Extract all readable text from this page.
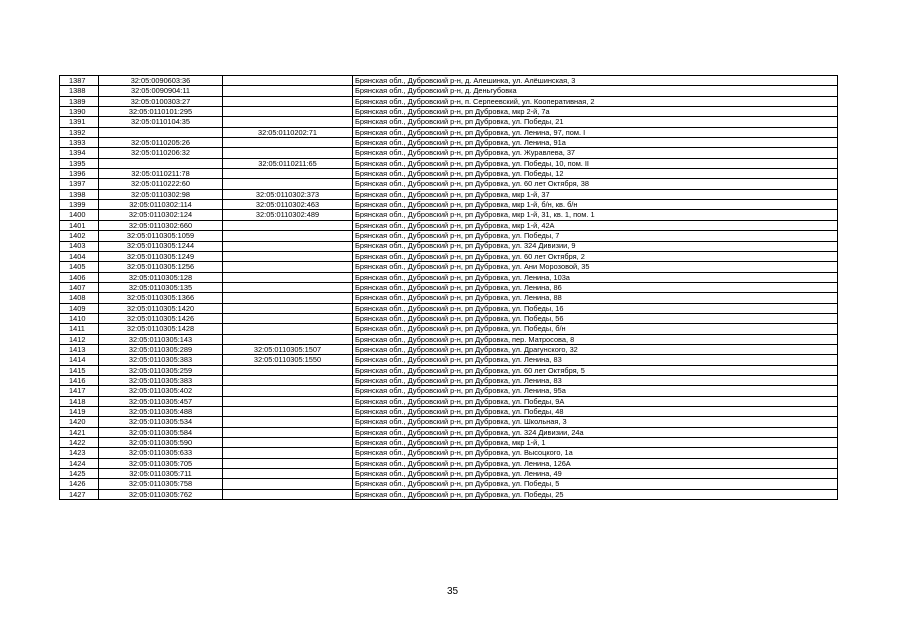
1387	32:05:0090603:36		Брянская обл., Дубровский р-н, д. Алешинка, ул. Алёшинская, 3
1388	32:05:0090904:11		Брянская обл., Дубровский р-н, д. Деньгубовка
1389	32:05:0100303:27		Брянская обл., Дубровский р-н, п. Серпеевский, ул. Кооперативная, 2
1390	32:05:0110101:295		Брянская обл., Дубровский р-н, рп Дубровка, мкр 2-й, 7а
1391	32:05:0110104:35		Брянская обл., Дубровский р-н, рп Дубровка, ул. Победы, 21
1392		32:05:0110202:71	Брянская обл., Дубровский р-н, рп Дубровка, ул. Ленина, 97, пом. I
1393	32:05:0110205:26		Брянская обл., Дубровский р-н, рп Дубровка, ул. Ленина, 91а
1394	32:05:0110206:32		Брянская обл., Дубровский р-н, рп Дубровка, ул. Журавлева, 37
1395		32:05:0110211:65	Брянская обл., Дубровский р-н, рп Дубровка, ул. Победы, 10, пом. II
1396	32:05:0110211:78		Брянская обл., Дубровский р-н, рп Дубровка, ул. Победы, 12
1397	32:05:0110222:60		Брянская обл., Дубровский р-н, рп Дубровка, ул. 60 лет Октября, 38
1398	32:05:0110302:98	32:05:0110302:373	Брянская обл., Дубровский р-н, рп Дубровка, мкр 1-й, 37
1399	32:05:0110302:114	32:05:0110302:463	Брянская обл., Дубровский р-н, рп Дубровка, мкр 1-й, б/н, кв. б/н
1400	32:05:0110302:124	32:05:0110302:489	Брянская обл., Дубровский р-н, рп Дубровка, мкр 1-й, 31, кв. 1, пом. 1
1401	32:05:0110302:660		Брянская обл., Дубровский р-н, рп Дубровка, мкр 1-й, 42А
1402	32:05:0110305:1059		Брянская обл., Дубровский р-н, рп Дубровка, ул. Победы, 7
1403	32:05:0110305:1244		Брянская обл., Дубровский р-н, рп Дубровка, ул. 324 Дивизии, 9
1404	32:05:0110305:1249		Брянская обл., Дубровский р-н, рп Дубровка, ул. 60 лет Октября, 2
1405	32:05:0110305:1256		Брянская обл., Дубровский р-н, рп Дубровка, ул. Ани Морозовой, 35
1406	32:05:0110305:128		Брянская обл., Дубровский р-н, рп Дубровка, ул. Ленина, 103а
1407	32:05:0110305:135		Брянская обл., Дубровский р-н, рп Дубровка, ул. Ленина, 86
1408	32:05:0110305:1366		Брянская обл., Дубровский р-н, рп Дубровка, ул. Ленина, 88
1409	32:05:0110305:1420		Брянская обл., Дубровский р-н, рп Дубровка, ул. Победы, 16
1410	32:05:0110305:1426		Брянская обл., Дубровский р-н, рп Дубровка, ул. Победы, 56
1411	32:05:0110305:1428		Брянская обл., Дубровский р-н, рп Дубровка, ул. Победы, б/н
1412	32:05:0110305:143		Брянская обл., Дубровский р-н, рп Дубровка, пер. Матросова, 8
1413	32:05:0110305:289	32:05:0110305:1507	Брянская обл., Дубровский р-н, рп Дубровка, ул. Драгунского, 32
1414	32:05:0110305:383	32:05:0110305:1550	Брянская обл., Дубровский р-н, рп Дубровка, ул. Ленина, 83
1415	32:05:0110305:259		Брянская обл., Дубровский р-н, рп Дубровка, ул. 60 лет Октября, 5
1416	32:05:0110305:383		Брянская обл., Дубровский р-н, рп Дубровка, ул. Ленина, 83
1417	32:05:0110305:402		Брянская обл., Дубровский р-н, рп Дубровка, ул. Ленина, 95а
1418	32:05:0110305:457		Брянская обл., Дубровский р-н, рп Дубровка, ул. Победы, 9А
1419	32:05:0110305:488		Брянская обл., Дубровский р-н, рп Дубровка, ул. Победы, 48
1420	32:05:0110305:534		Брянская обл., Дубровский р-н, рп Дубровка, ул. Школьная, 3
1421	32:05:0110305:584		Брянская обл., Дубровский р-н, рп Дубровка, ул. 324 Дивизии, 24а
1422	32:05:0110305:590		Брянская обл., Дубровский р-н, рп Дубровка, мкр 1-й, 1
1423	32:05:0110305:633		Брянская обл., Дубровский р-н, рп Дубровка, ул. Высоцкого, 1а
1424	32:05:0110305:705		Брянская обл., Дубровский р-н, рп Дубровка, ул. Ленина, 126А
1425	32:05:0110305:711		Брянская обл., Дубровский р-н, рп Дубровка, ул. Ленина, 49
1426	32:05:0110305:758		Брянская обл., Дубровский р-н, рп Дубровка, ул. Победы, 5
1427	32:05:0110305:762		Брянская обл., Дубровский р-н, рп Дубровка, ул. Победы, 25
35
